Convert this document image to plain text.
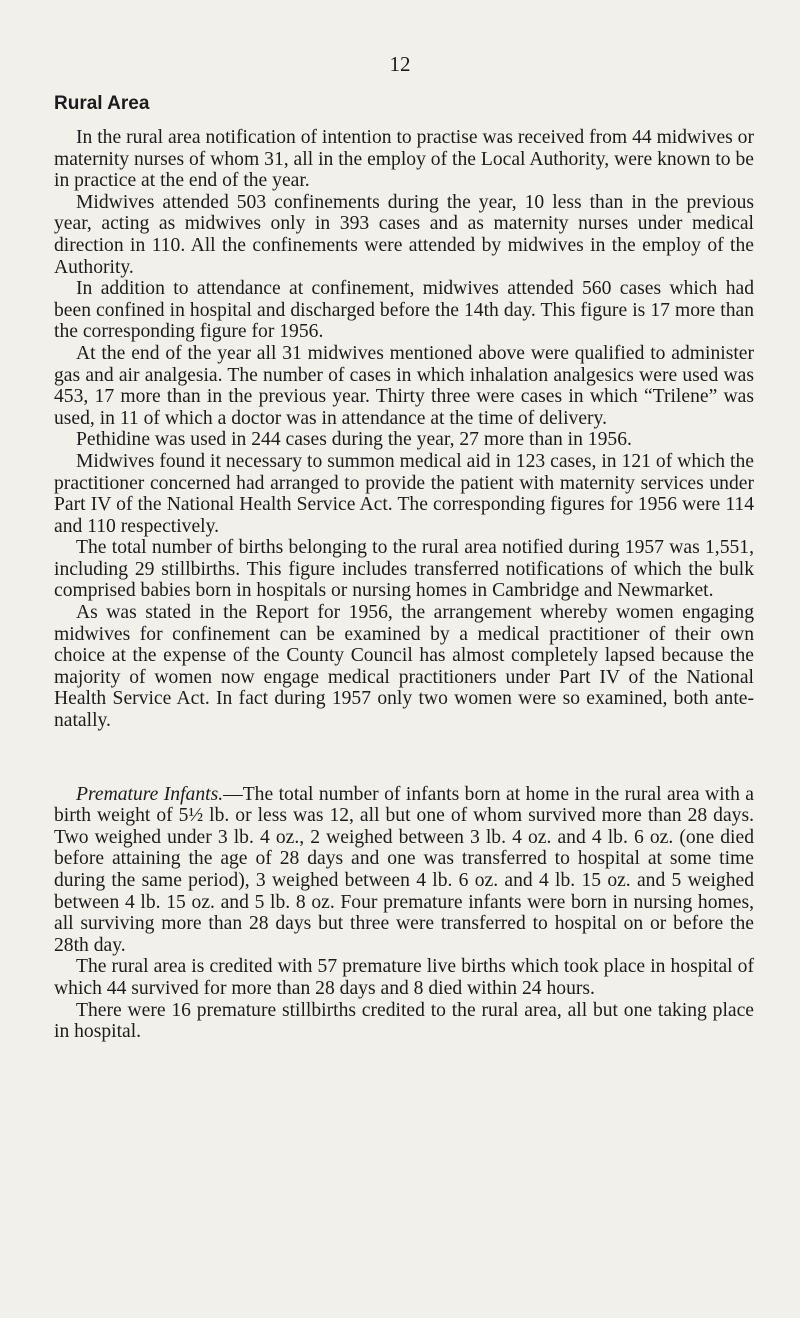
12
Rural Area

In the rural area notification of intention to practise was received from 44 midwives or maternity nurses of whom 31, all in the employ of the Local Authority, were known to be in practice at the end of the year.

Midwives attended 503 confinements during the year, 10 less than in the previous year, acting as midwives only in 393 cases and as maternity nurses under medical direction in 110. All the confinements were attended by midwives in the employ of the Authority.

In addition to attendance at confinement, midwives attended 560 cases which had been confined in hospital and discharged before the 14th day. This figure is 17 more than the corresponding figure for 1956.

At the end of the year all 31 midwives mentioned above were qualified to administer gas and air analgesia. The number of cases in which inhalation analgesics were used was 453, 17 more than in the previous year. Thirty three were cases in which “Trilene” was used, in 11 of which a doctor was in attendance at the time of delivery.

Pethidine was used in 244 cases during the year, 27 more than in 1956.

Midwives found it necessary to summon medical aid in 123 cases, in 121 of which the practitioner concerned had arranged to provide the patient with maternity services under Part IV of the National Health Service Act. The corresponding figures for 1956 were 114 and 110 respectively.

The total number of births belonging to the rural area notified during 1957 was 1,551, including 29 stillbirths. This figure includes transferred notifications of which the bulk comprised babies born in hospitals or nursing homes in Cambridge and Newmarket.

As was stated in the Report for 1956, the arrangement whereby women engaging midwives for confinement can be examined by a medical practitioner of their own choice at the expense of the County Council has almost completely lapsed because the majority of women now engage medical practitioners under Part IV of the National Health Service Act. In fact during 1957 only two women were so examined, both ante-natally.

Premature Infants.—The total number of infants born at home in the rural area with a birth weight of 5½ lb. or less was 12, all but one of whom survived more than 28 days. Two weighed under 3 lb. 4 oz., 2 weighed between 3 lb. 4 oz. and 4 lb. 6 oz. (one died before attaining the age of 28 days and one was transferred to hospital at some time during the same period), 3 weighed between 4 lb. 6 oz. and 4 lb. 15 oz. and 5 weighed between 4 lb. 15 oz. and 5 lb. 8 oz. Four premature infants were born in nursing homes, all surviving more than 28 days but three were transferred to hospital on or before the 28th day.

The rural area is credited with 57 premature live births which took place in hospital of which 44 survived for more than 28 days and 8 died within 24 hours.

There were 16 premature stillbirths credited to the rural area, all but one taking place in hospital.
